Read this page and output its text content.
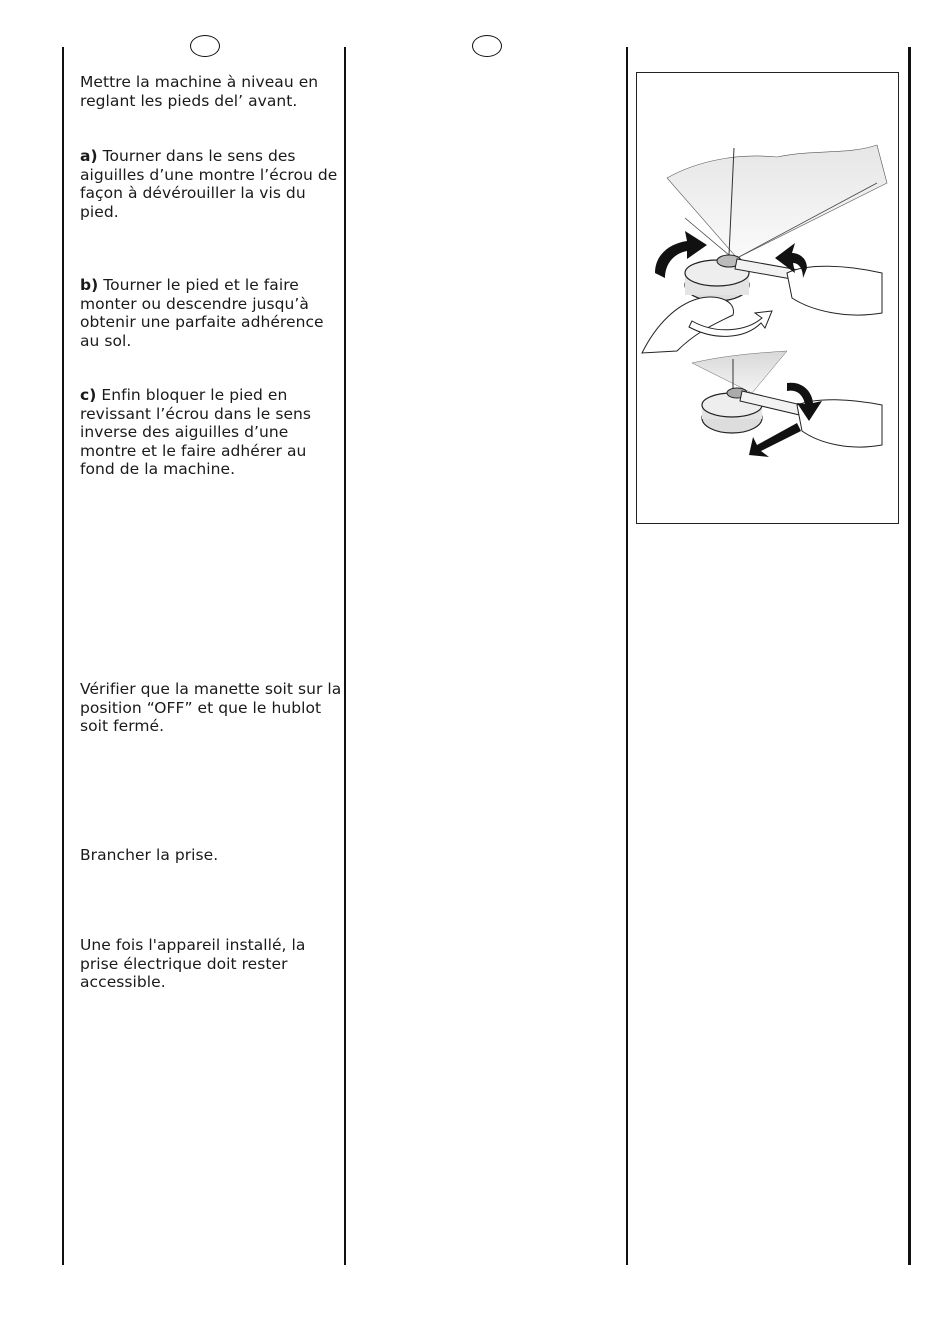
Mettre la machine à niveau en reglant les pieds del’ avant.

a) Tourner dans le sens des aiguilles d’une montre l’écrou de façon à dévérouiller la vis du pied.

b) Tourner le pied et le faire monter ou descendre jusqu’à obtenir une parfaite adhérence au sol.

c) Enfin bloquer le pied en revissant l’écrou dans le sens inverse des aiguilles d’une montre et le faire adhérer au fond de la machine.

Vérifier que la manette soit sur la position “OFF” et que le hublot soit fermé.

Brancher la prise.

Une fois l'appareil installé, la prise électrique doit rester accessible.
